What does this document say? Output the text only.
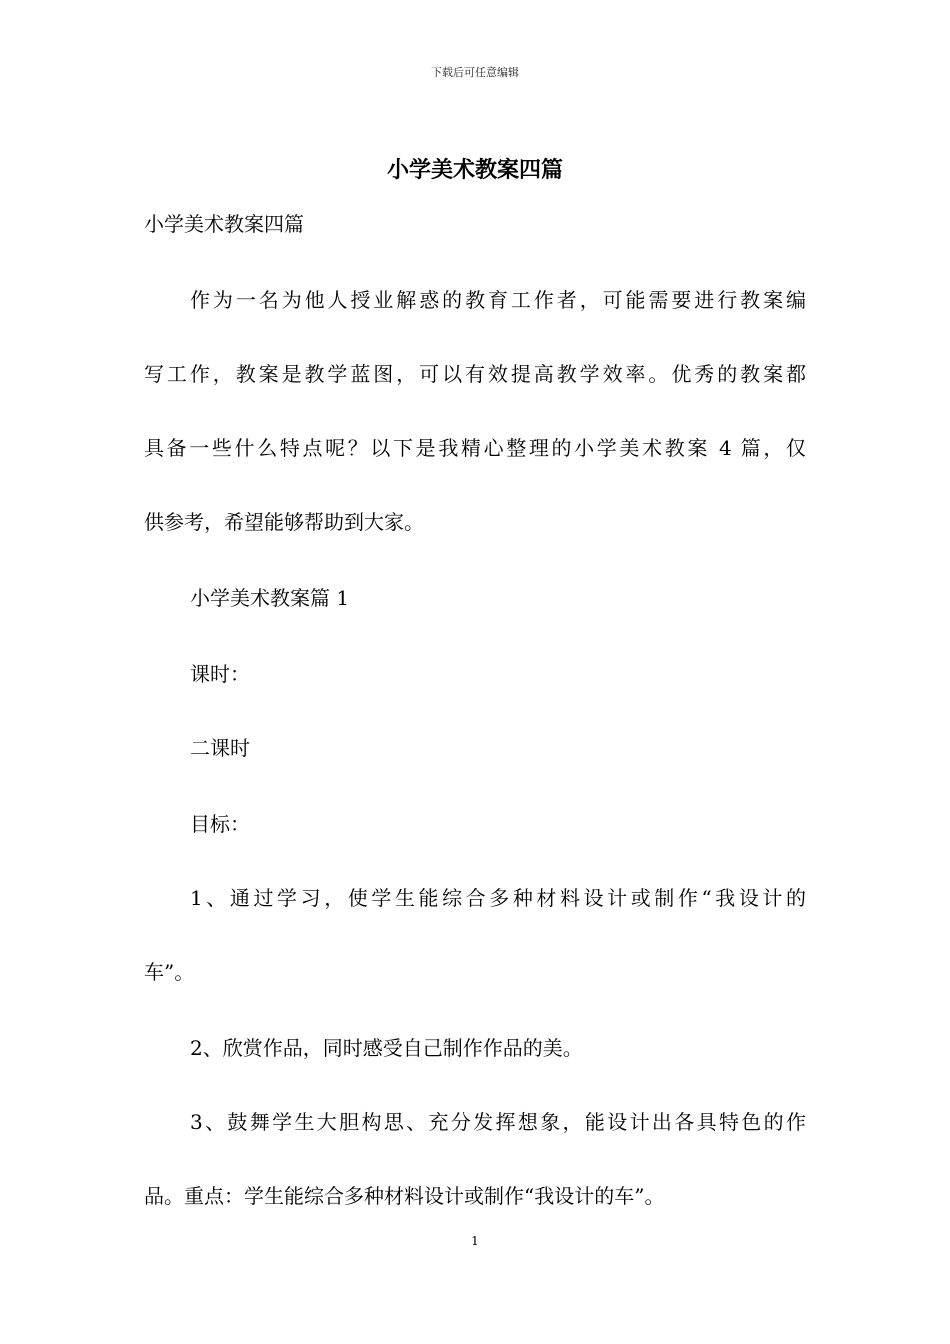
下载后可任意编辑
小学美术教案四篇
小学美术教案四篇
作为一名为他人授业解惑的教育工作者，可能需要进行教案编
写工作，教案是教学蓝图，可以有效提高教学效率。优秀的教案都
具备一些什么特点呢？以下是我精心整理的小学美术教案 4 篇，仅
供参考，希望能够帮助到大家。
小学美术教案篇 1
课时：
二课时
目标：
1、通过学习，使学生能综合多种材料设计或制作“我设计的
车”。
2、欣赏作品，同时感受自己制作作品的美。
3、鼓舞学生大胆构思、充分发挥想象，能设计出各具特色的作
品。重点：学生能综合多种材料设计或制作“我设计的车”。
1
